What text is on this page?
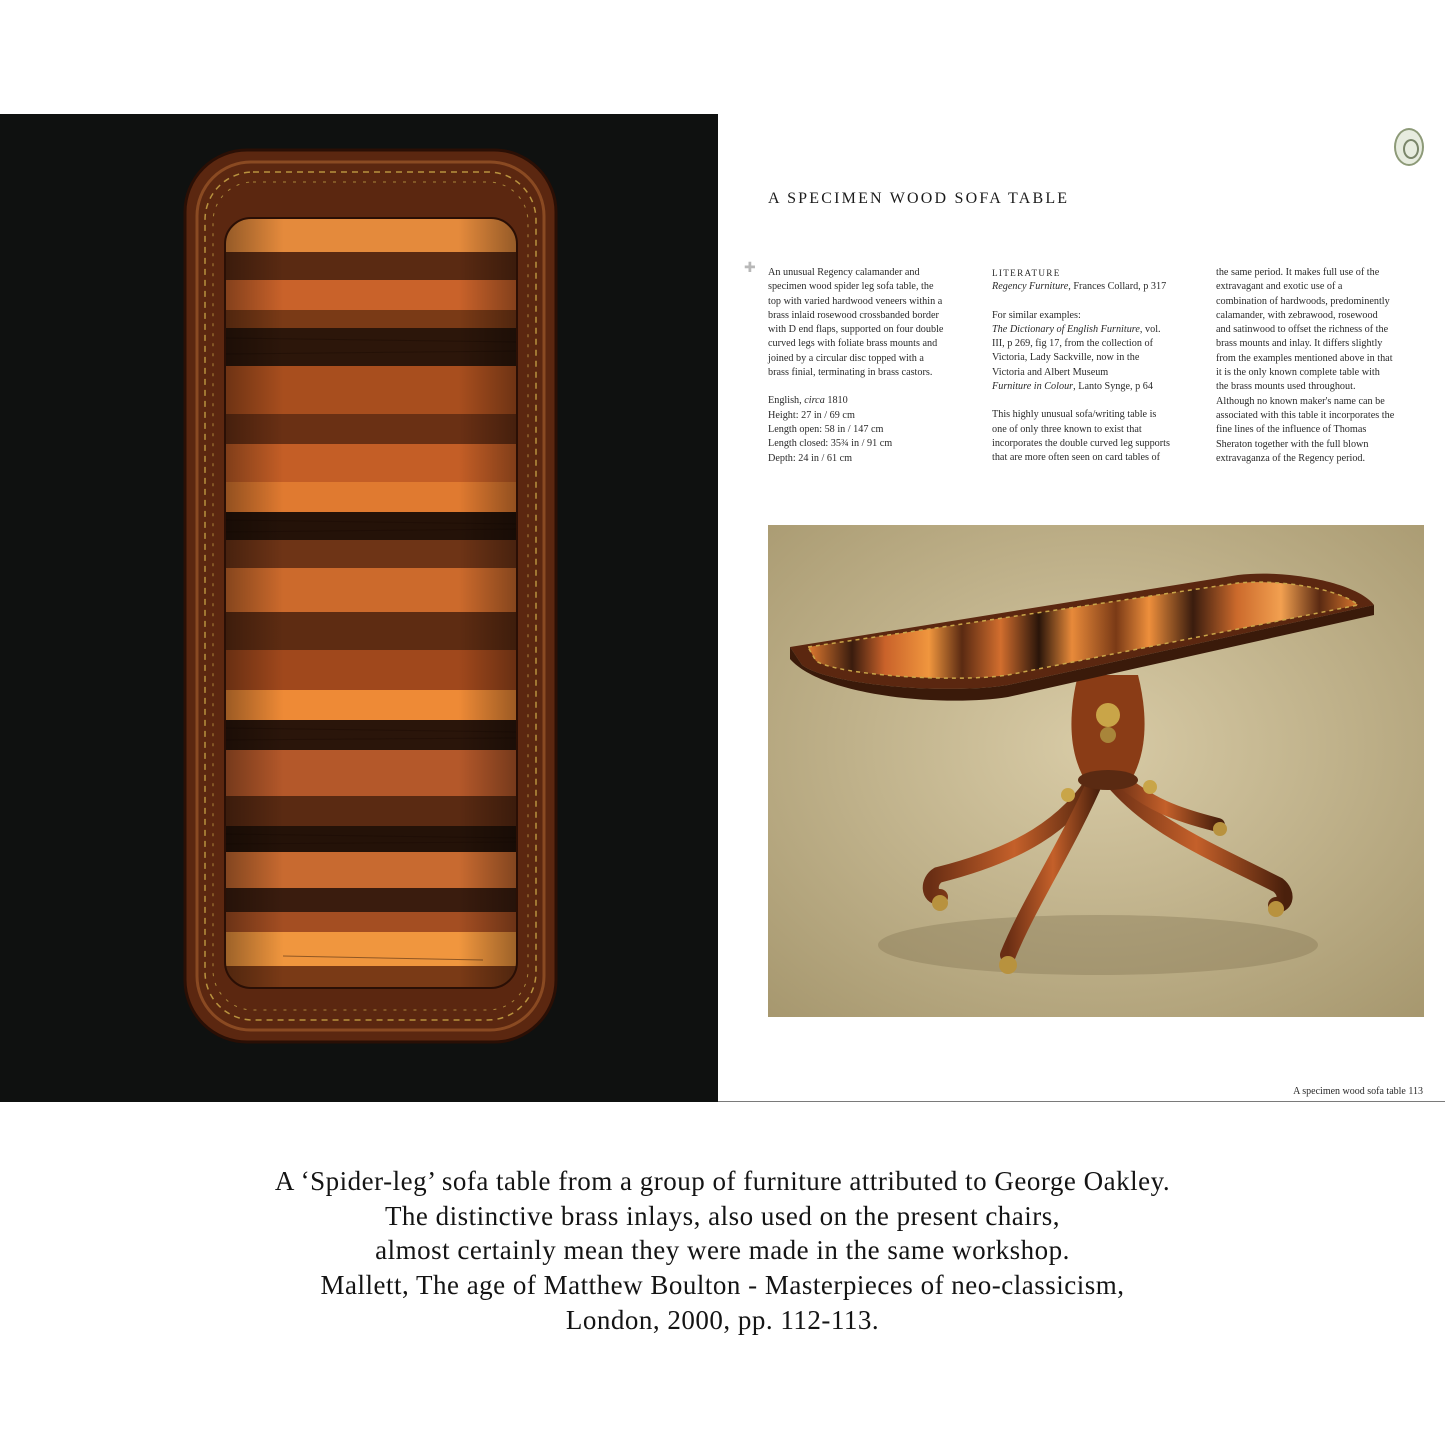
A SPECIMEN WOOD SOFA TABLE
✚ An unusual Regency calamander and

specimen wood spider leg sofa table, the

top with varied hardwood veneers within a

brass inlaid rosewood crossbanded border

with D end flaps, supported on four double

curved legs with foliate brass mounts and

joined by a circular disc topped with a

brass finial, terminating in brass castors.

English, circa 1810

Height: 27 in / 69 cm

Length open: 58 in / 147 cm

Length closed: 35¾ in / 91 cm

Depth: 24 in / 61 cm

LITERATURE

Regency Furniture, Frances Collard, p 317

For similar examples:

The Dictionary of English Furniture, vol.

III, p 269, fig 17, from the collection of

Victoria, Lady Sackville, now in the

Victoria and Albert Museum

Furniture in Colour, Lanto Synge, p 64

This highly unusual sofa/writing table is

one of only three known to exist that

incorporates the double curved leg supports

that are more often seen on card tables of

the same period. It makes full use of the

extravagant and exotic use of a

combination of hardwoods, predominently

calamander, with zebrawood, rosewood

and satinwood to offset the richness of the

brass mounts and inlay. It differs slightly

from the examples mentioned above in that

it is the only known complete table with

the brass mounts used throughout.

Although no known maker's name can be

associated with this table it incorporates the

fine lines of the influence of Thomas

Sheraton together with the full blown

extravaganza of the Regency period.

A specimen wood sofa table 113
A ‘Spider-leg’ sofa table from a group of furniture attributed to George Oakley.
The distinctive brass inlays, also used on the present chairs,
almost certainly mean they were made in the same workshop.
Mallett, The age of Matthew Boulton - Masterpieces of neo-classicism,
London, 2000, pp. 112-113.
